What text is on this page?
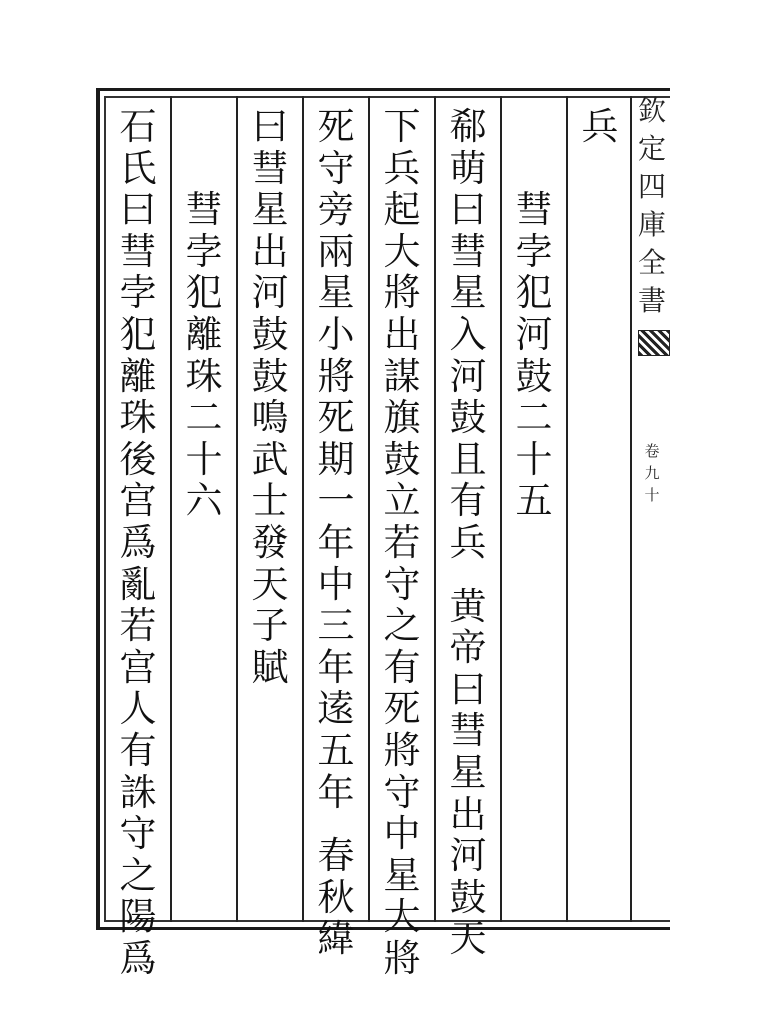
欽
定
四
庫
全
書
卷
九
十
兵
彗
孛
犯
河
鼓
二
十
五
郗
萌
曰
彗
星
入
河
鼓
且
有
兵
黄
帝
曰
彗
星
出
河
鼓
天
下
兵
起
大
將
出
謀
旗
鼓
立
若
守
之
有
死
將
守
中
星
大
將
死
守
旁
兩
星
小
將
死
期
一
年
中
三
年
逺
五
年
春
秋
緯
曰
彗
星
出
河
鼓
鼓
鳴
武
士
發
天
子
賦
彗
孛
犯
離
珠
二
十
六
石
氏
曰
彗
孛
犯
離
珠
後
宫
爲
亂
若
宫
人
有
誅
守
之
陽
爲
